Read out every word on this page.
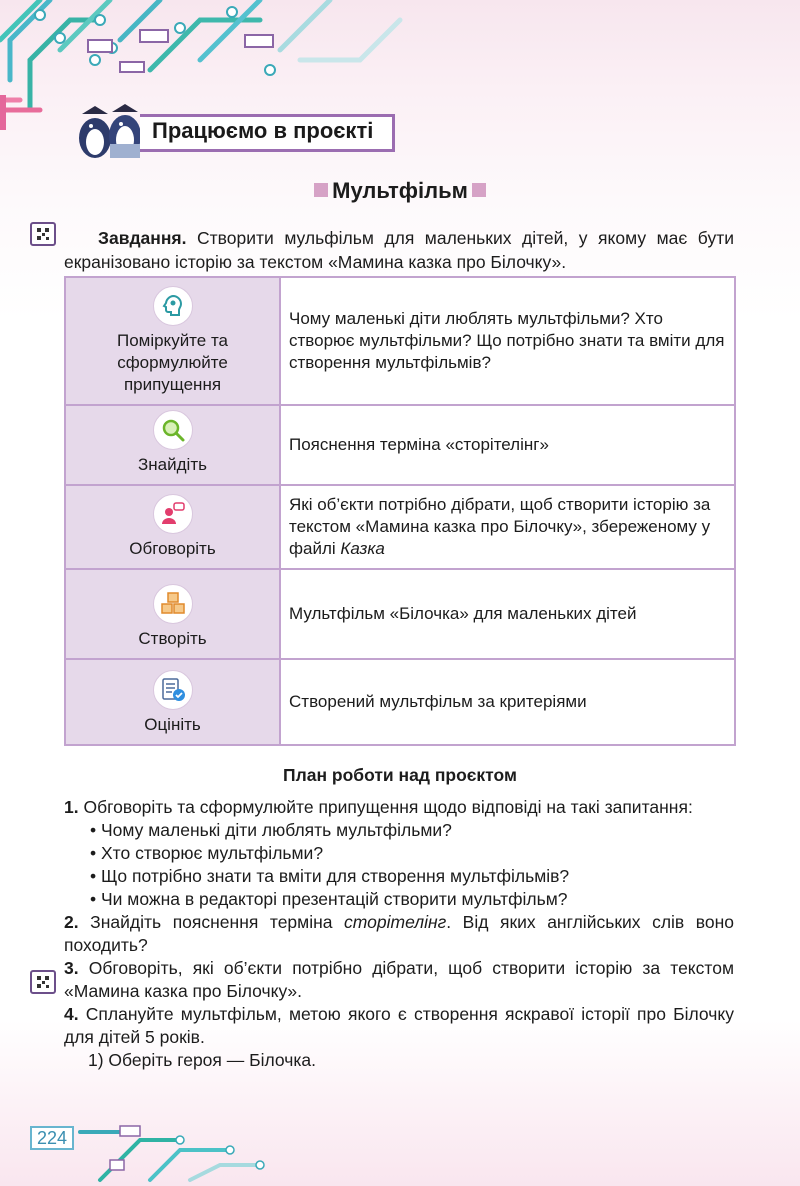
Працюємо в проєкті
Мультфільм
Завдання. Створити мульфільм для маленьких дітей, у якому має бути екранізовано історію за текстом «Мамина казка про Білочку».
Поміркуйте та сформулюйте припущення	Чому маленькі діти люблять мультфільми? Хто створює мультфільми? Що потрібно знати та вміти для створення мультфільмів?

Знайдіть	Пояснення терміна «сторітелінг»

Обговоріть	Які об’єкти потрібно дібрати, щоб створити історію за текстом «Мамина казка про Білочку», збереженому у файлі Казка

Створіть	Мультфільм «Білочка» для маленьких дітей

Оцініть	Створений мультфільм за критеріями
План роботи над проєктом

1. Обговоріть та сформулюйте припущення щодо відповіді на такі запитання:

• Чому маленькі діти люблять мультфільми?
• Хто створює мультфільми?
• Що потрібно знати та вміти для створення мультфільмів?
• Чи можна в редакторі презентацій створити мультфільм?

2. Знайдіть пояснення терміна сторітелінг. Від яких англійських слів воно походить?

3. Обговоріть, які об’єкти потрібно дібрати, щоб створити історію за текстом «Мамина казка про Білочку».

4. Сплануйте мультфільм, метою якого є створення яскравої історії про Білочку для дітей 5 років.

1) Оберіть героя — Білочка.
224
